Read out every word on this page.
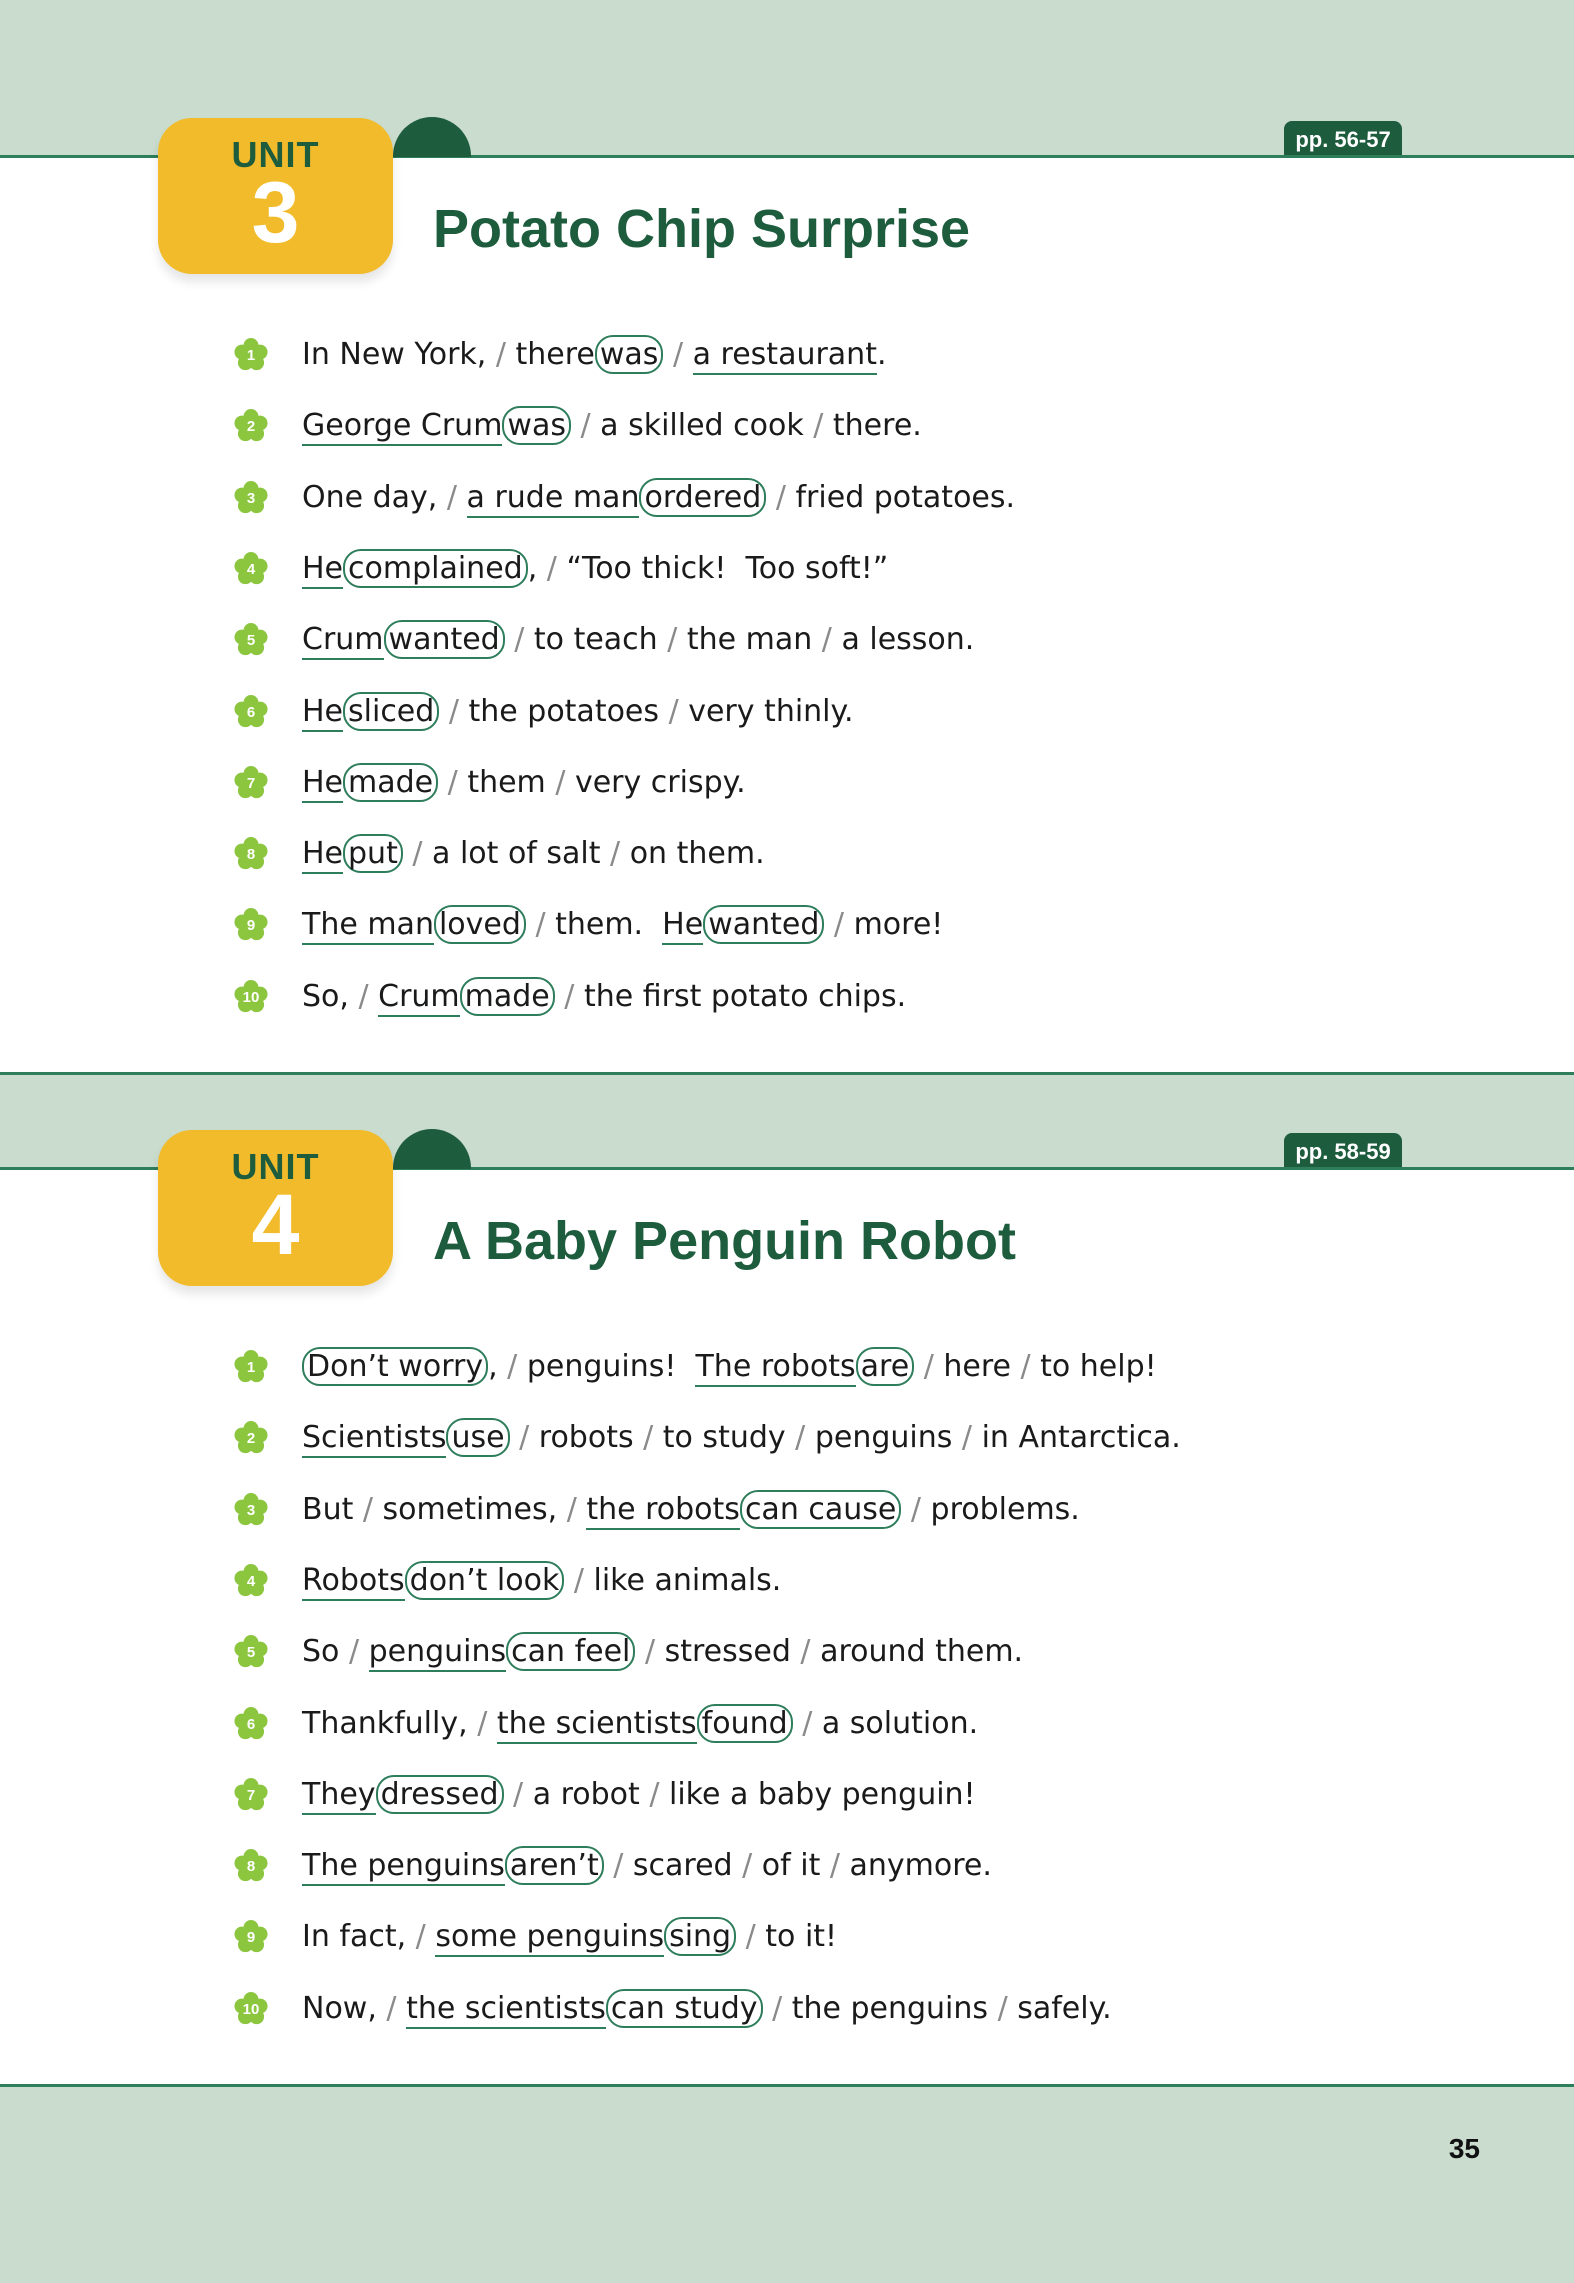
UNIT
3
pp. 56-57
Potato Chip Surprise
1	In New York, / there was / a restaurant.
2	George Crum was / a skilled cook / there.
3	One day, / a rude man ordered / fried potatoes.
4	He complained , / “Too thick!  Too soft!”
5	Crum wanted / to teach / the man / a lesson.
6	He sliced / the potatoes / very thinly.
7	He made / them / very crispy.
8	He put / a lot of salt / on them.
9	The man loved / them.  He wanted / more!
10 So, / Crum made / the first potato chips.
UNIT
4
pp. 58-59
A Baby Penguin Robot
1	Don’t worry , / penguins!  The robots are / here / to help!
2	Scientists use / robots / to study / penguins / in Antarctica.
3	But / sometimes, / the robots can cause / problems.
4	Robots don’t look / like animals.
5	So / penguins can feel / stressed / around them.
6	Thankfully, / the scientists found / a solution.
7	They dressed / a robot / like a baby penguin!
8	The penguins aren’t / scared / of it / anymore.
9	In fact, / some penguins sing / to it!
10 Now, / the scientists can study / the penguins / safely.
35
